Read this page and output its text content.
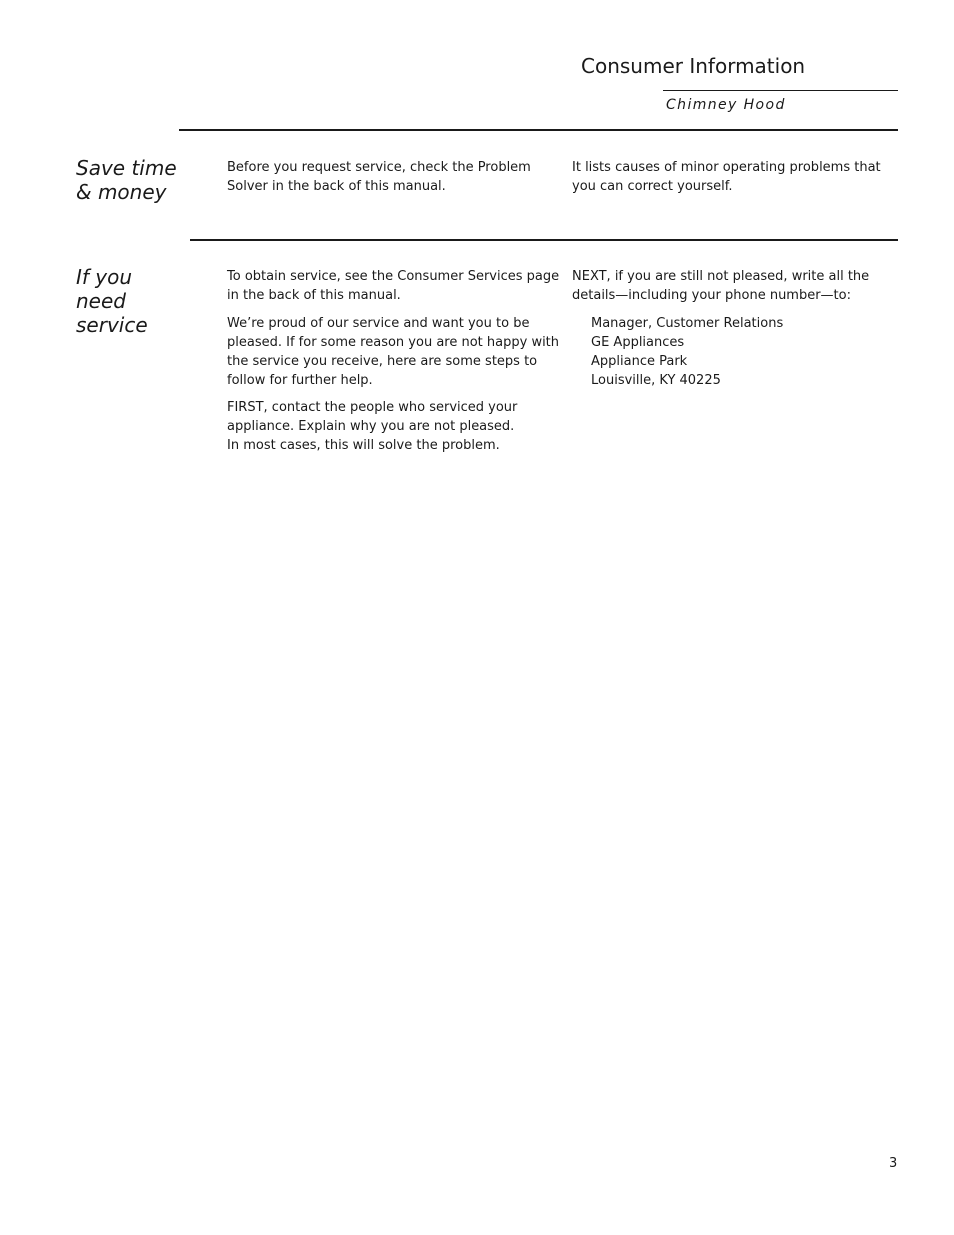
Consumer Information
Chimney Hood
Save time
& money
Before you request service, check the Problem
Solver in the back of this manual.
It lists causes of minor operating problems that
you can correct yourself.
If you
need
service
To obtain service, see the Consumer Services page
in the back of this manual.
We’re proud of our service and want you to be
pleased. If for some reason you are not happy with
the service you receive, here are some steps to
follow for further help.
FIRST, contact the people who serviced your
appliance. Explain why you are not pleased.
In most cases, this will solve the problem.
NEXT, if you are still not pleased, write all the
details—including your phone number—to:
Manager, Customer Relations
GE Appliances
Appliance Park
Louisville, KY 40225
3
